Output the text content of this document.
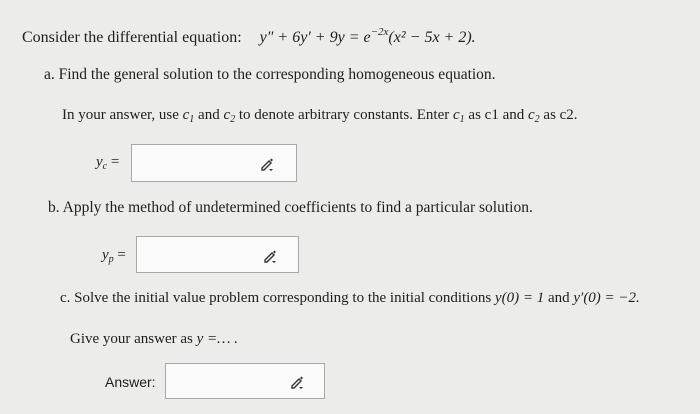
Consider the differential equation: $y'' + 6y' + 9y = e^{-2x}(x^2 - 5x + 2)$.
a. Find the general solution to the corresponding homogeneous equation.
In your answer, use $c_1$ and $c_2$ to denote arbitrary constants. Enter $c_1$ as c1 and $c_2$ as c2.
$y_c$ =
b. Apply the method of undetermined coefficients to find a particular solution.
$y_p$ =
c. Solve the initial value problem corresponding to the initial conditions y(0) = 1 and y′(0) = −2.
Give your answer as y =… .
Answer:
